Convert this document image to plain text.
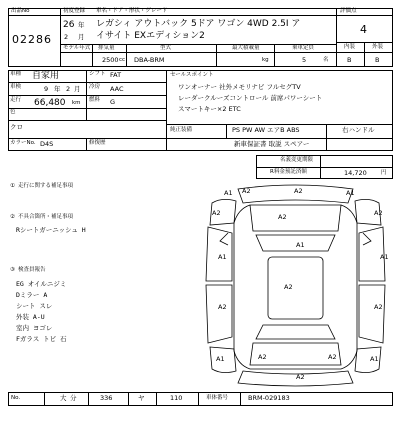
出品No
02286
初度登録
26 年
2 月
車名・ドア・形状・グレード
レガシィ アウトバック 5ドア ワゴン 4WD 2.5I ア
イサイト EXエディション2
評価点
4
内装	外装
B	B
モデル年式 排気量	型式	最大積載量	乗車定員
2500 cc DBA-BRM	kg	5	名
車種 自家用	シフト FAT
車検	9 年 2 月 冷房 AAC
走行 66,480 km 燃料 G
色
クロ
カラーNo. D4S	修復歴
セールスポイント
ワンオーナー 社外メモリナビ フルセグTV
レーダークルーズコントロール 前席パワーシート
スマートキー×2 ETC
純正装備	PS PW AW エアB ABS	右ハンドル
新車保証書 取説 スペアー
名義変更期限
R料金预託済額	14,720	円
① 走行に関する補足事項
② 不具合箇所・補足事項
Rシートガーニッシュ H
③ 検査員報告
EG オイルニジミ
Dミラー A
シート スレ
外装 A-U
室内 ヨゴレ
Fガラス トビ 石
A1 A2	A2	A1
A2	A2	A2
A1	A1
A2	A2
A2
A1	A2
A2
A2	A1
A1
No.	大 分	336	ヤ	110	車体番号	BRM-029183
